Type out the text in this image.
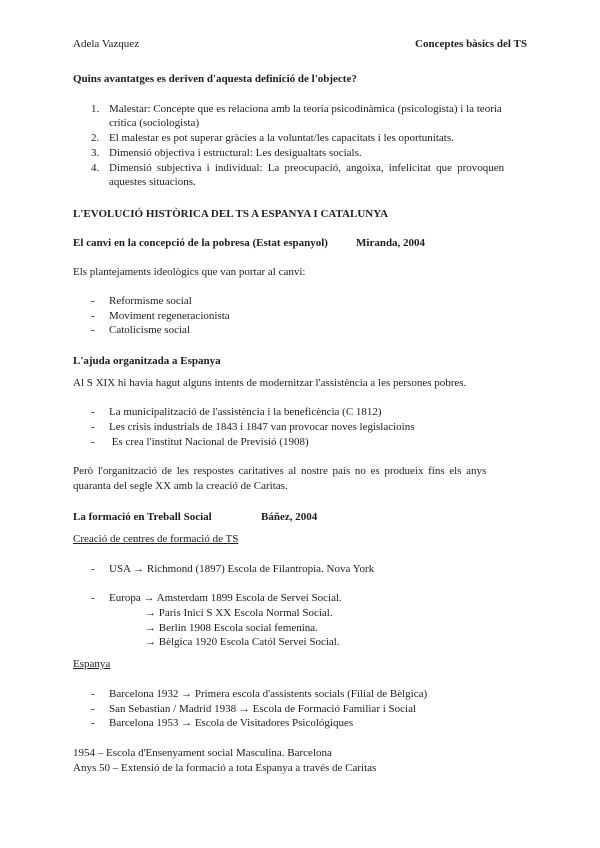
Adela Vazquez	Conceptes bàsics del TS
Quins avantatges es deriven d'aquesta definició de l'objecte?
1. Malestar: Concepte que es relaciona amb la teoria psicodinàmica (psicologista) i la teoria
crítica (sociologista)
2. El malestar es pot superar gràcies a la voluntat/les capacitats i les oportunitats.
3. Dimensió objectiva i estructural: Les desigualtats socials.
4. Dimensió subjectiva i individual: La preocupació, angoixa, infelicitat que provoquen
aquestes situacions.
L'EVOLUCIÓ HISTÒRICA DEL TS A ESPANYA I CATALUNYA
El canvi en la concepció de la pobresa (Estat espanyol)	Miranda, 2004
Els plantejaments ideològics que van portar al canvi:
-	Reformisme social
-	Moviment regeneracionista
-	Catolicisme social
L'ajuda organitzada a Espanya
Al S XIX hi havia hagut alguns intents de modernitzar l'assistència a les persones pobres.
-	La municipalització de l'assistència i la beneficència (C 1812)
-	Les crisis industrials de 1843 i 1847 van provocar noves legislacioins
-	Es crea l'institut Nacional de Previsió (1908)
Però l'organització de les respostes caritatives al nostre país no es produeix fins els anys
quaranta del segle XX amb la creació de Caritas.
La formació en Treball Social	Báñez, 2004
Creació de centres de formació de TS
-	USA → Richmond (1897) Escola de Filantropia. Nova York
-	Europa → Amsterdam 1899 Escola de Servei Social.
→ Paris Inici S XX Escola Normal Social.
→ Berlin 1908 Escola social femenina.
→ Bèlgica 1920 Escola Catól Servei Social.
Espanya
-	Barcelona 1932 → Primera escola d'assistents socials (Filial de Bèlgica)
-	San Sebastian / Madrid 1938 → Escola de Formació Familiar i Social
-	Barcelona 1953 → Escola de Visitadores Psicológiques
1954 – Escola d'Ensenyament social Masculina. Barcelona
Anys 50 – Extensió de la formació a tota Espanya a través de Caritas
